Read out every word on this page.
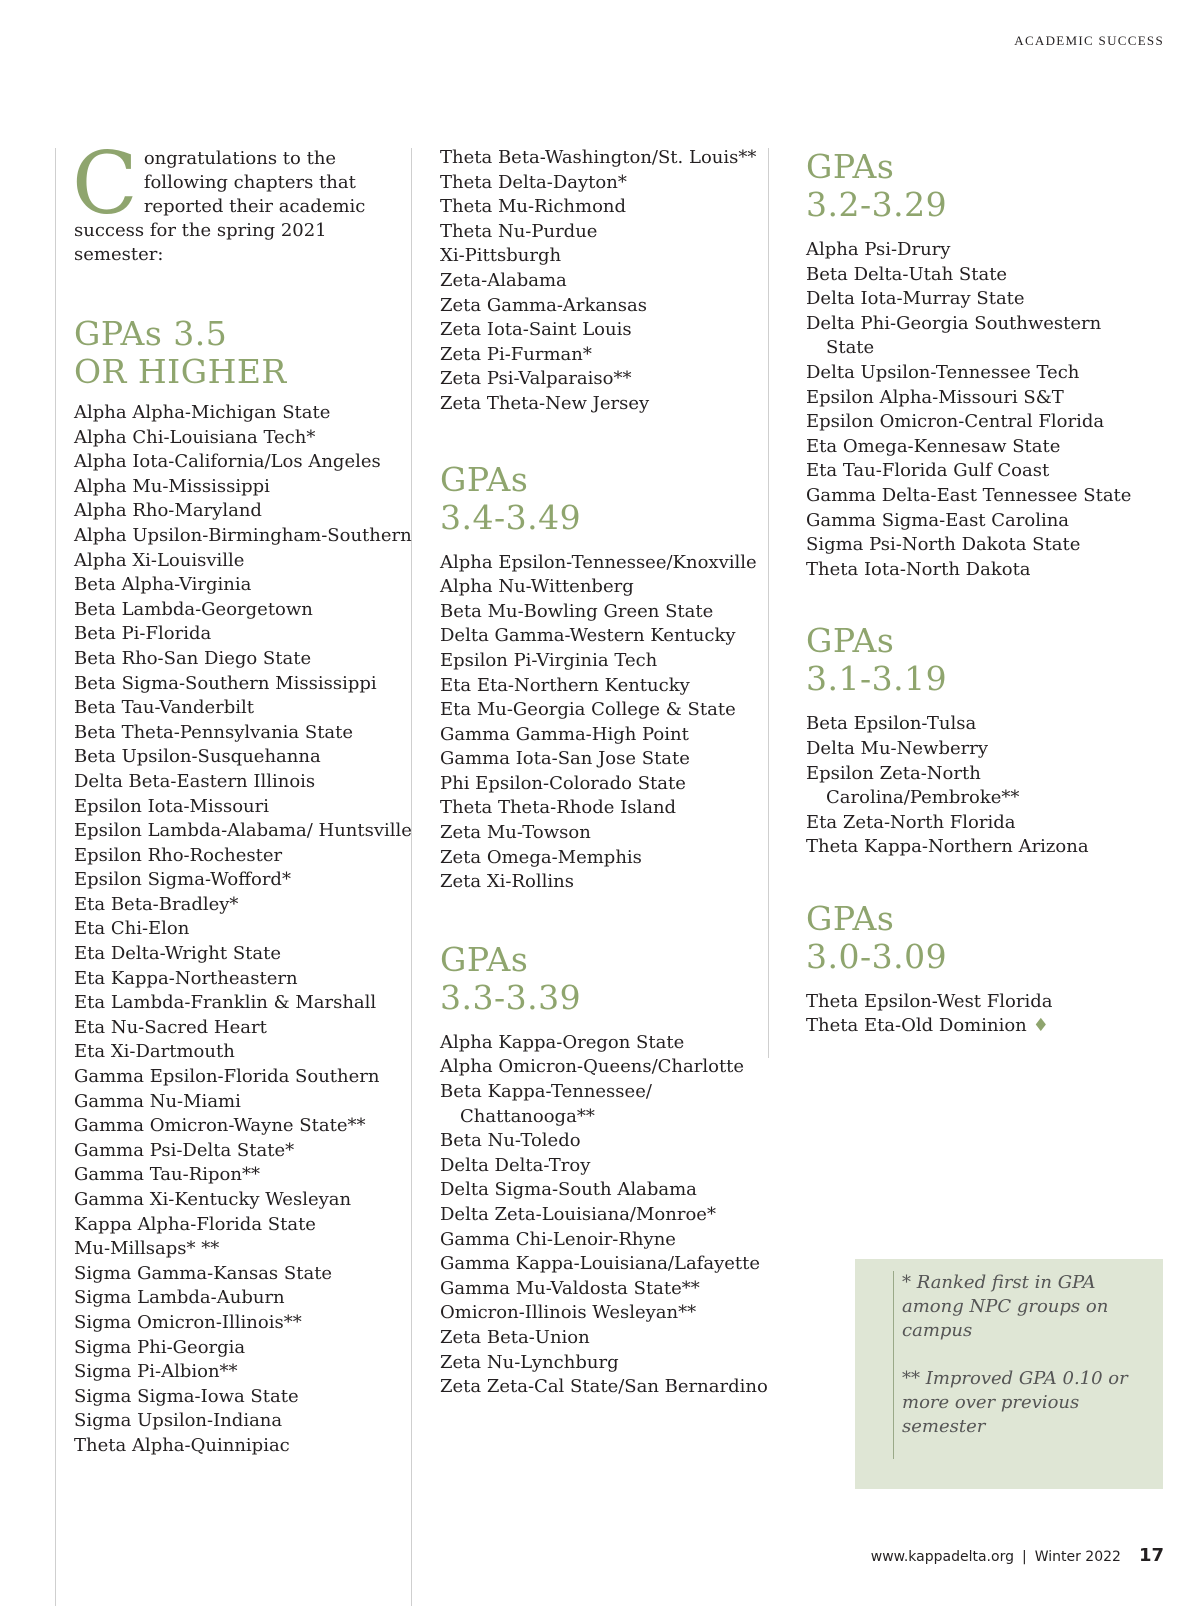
ACADEMIC SUCCESS

Congratulations to the following chapters that reported their academic success for the spring 2021 semester:

GPAs 3.5
OR HIGHER
Alpha Alpha-Michigan State
Alpha Chi-Louisiana Tech*
Alpha Iota-California/Los Angeles
Alpha Mu-Mississippi
Alpha Rho-Maryland
Alpha Upsilon-Birmingham-Southern
Alpha Xi-Louisville
Beta Alpha-Virginia
Beta Lambda-Georgetown
Beta Pi-Florida
Beta Rho-San Diego State
Beta Sigma-Southern Mississippi
Beta Tau-Vanderbilt
Beta Theta-Pennsylvania State
Beta Upsilon-Susquehanna
Delta Beta-Eastern Illinois
Epsilon Iota-Missouri
Epsilon Lambda-Alabama/ Huntsville
Epsilon Rho-Rochester
Epsilon Sigma-Wofford*
Eta Beta-Bradley*
Eta Chi-Elon
Eta Delta-Wright State
Eta Kappa-Northeastern
Eta Lambda-Franklin & Marshall
Eta Nu-Sacred Heart
Eta Xi-Dartmouth
Gamma Epsilon-Florida Southern
Gamma Nu-Miami
Gamma Omicron-Wayne State**
Gamma Psi-Delta State*
Gamma Tau-Ripon**
Gamma Xi-Kentucky Wesleyan
Kappa Alpha-Florida State
Mu-Millsaps* **
Sigma Gamma-Kansas State
Sigma Lambda-Auburn
Sigma Omicron-Illinois**
Sigma Phi-Georgia
Sigma Pi-Albion**
Sigma Sigma-Iowa State
Sigma Upsilon-Indiana
Theta Alpha-Quinnipiac
Theta Beta-Washington/St. Louis**
Theta Delta-Dayton*
Theta Mu-Richmond
Theta Nu-Purdue
Xi-Pittsburgh
Zeta-Alabama
Zeta Gamma-Arkansas
Zeta Iota-Saint Louis
Zeta Pi-Furman*
Zeta Psi-Valparaiso**
Zeta Theta-New Jersey
GPAs
3.4-3.49
Alpha Epsilon-Tennessee/Knoxville
Alpha Nu-Wittenberg
Beta Mu-Bowling Green State
Delta Gamma-Western Kentucky
Epsilon Pi-Virginia Tech
Eta Eta-Northern Kentucky
Eta Mu-Georgia College & State
Gamma Gamma-High Point
Gamma Iota-San Jose State
Phi Epsilon-Colorado State
Theta Theta-Rhode Island
Zeta Mu-Towson
Zeta Omega-Memphis
Zeta Xi-Rollins
GPAs
3.3-3.39
Alpha Kappa-Oregon State
Alpha Omicron-Queens/Charlotte
Beta Kappa-Tennessee/ Chattanooga**
Beta Nu-Toledo
Delta Delta-Troy
Delta Sigma-South Alabama
Delta Zeta-Louisiana/Monroe*
Gamma Chi-Lenoir-Rhyne
Gamma Kappa-Louisiana/Lafayette
Gamma Mu-Valdosta State**
Omicron-Illinois Wesleyan**
Zeta Beta-Union
Zeta Nu-Lynchburg
Zeta Zeta-Cal State/San Bernardino
GPAs
3.2-3.29
Alpha Psi-Drury
Beta Delta-Utah State
Delta Iota-Murray State
Delta Phi-Georgia Southwestern State
Delta Upsilon-Tennessee Tech
Epsilon Alpha-Missouri S&T
Epsilon Omicron-Central Florida
Eta Omega-Kennesaw State
Eta Tau-Florida Gulf Coast
Gamma Delta-East Tennessee State
Gamma Sigma-East Carolina
Sigma Psi-North Dakota State
Theta Iota-North Dakota
GPAs
3.1-3.19
Beta Epsilon-Tulsa
Delta Mu-Newberry
Epsilon Zeta-North Carolina/Pembroke**
Eta Zeta-North Florida
Theta Kappa-Northern Arizona
GPAs
3.0-3.09
Theta Epsilon-West Florida
Theta Eta-Old Dominion ♦

* Ranked first in GPA among NPC groups on campus

** Improved GPA 0.10 or more over previous semester

www.kappadelta.org | Winter 2022 17
